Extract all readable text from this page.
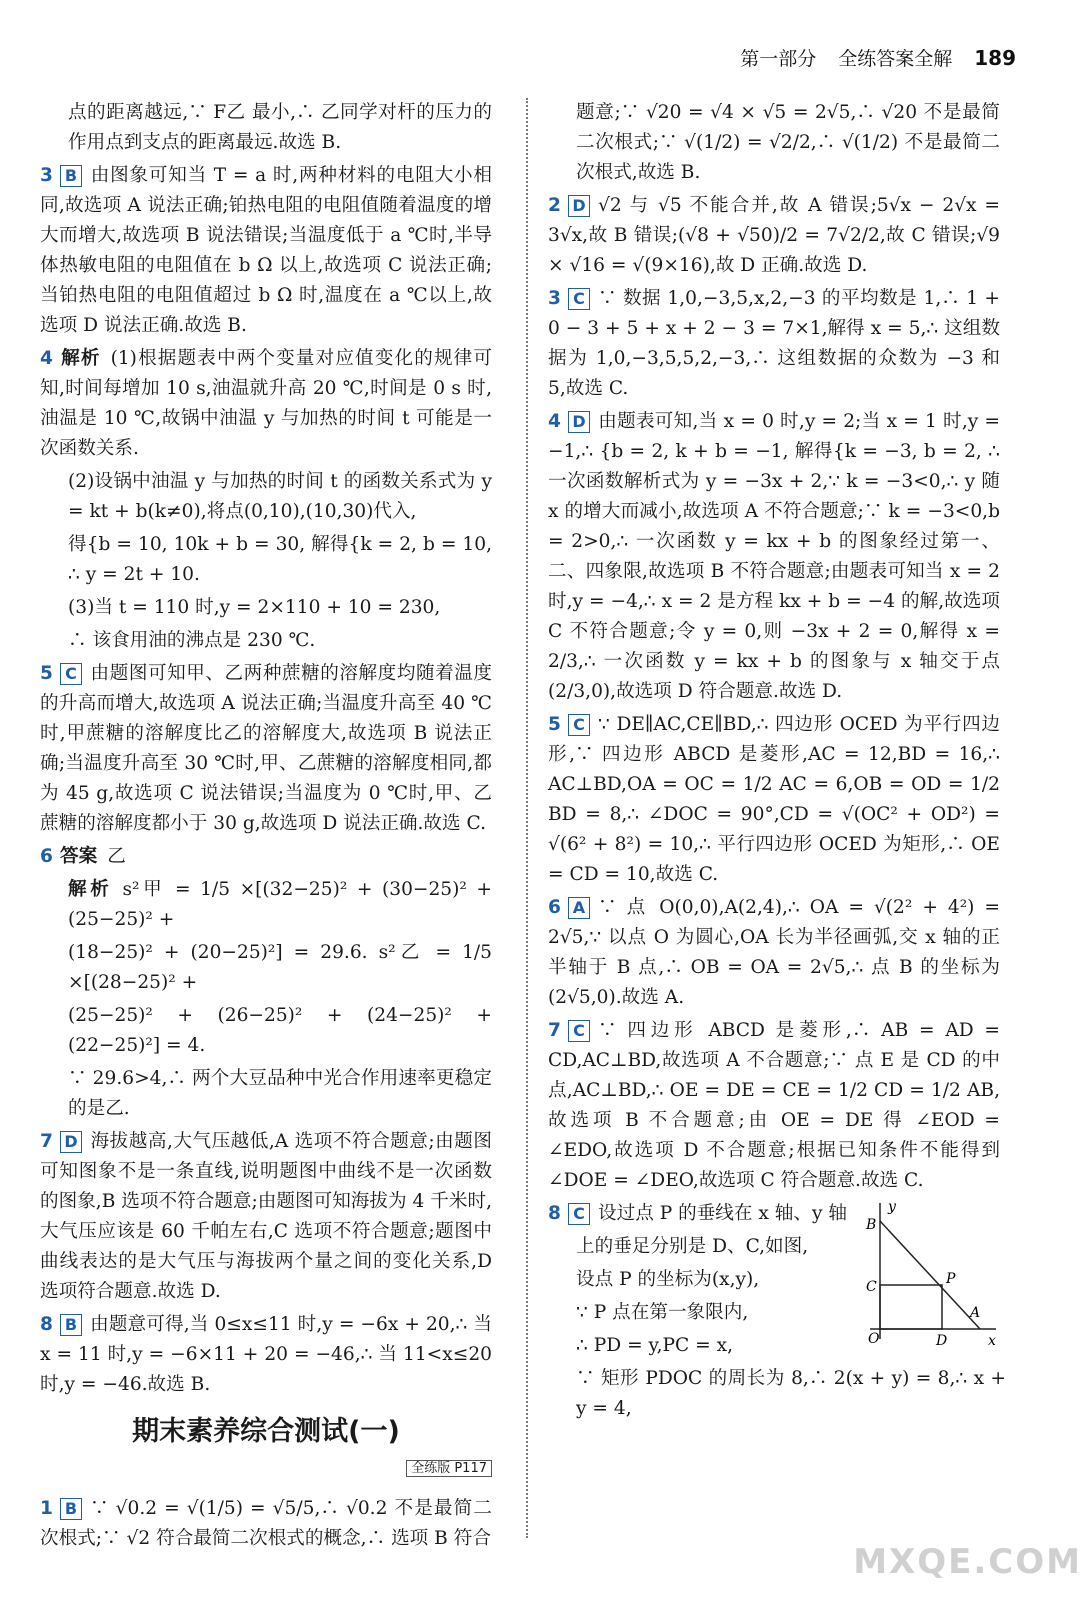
第一部分 全练答案全解 189

点的距离越远,∵ F乙 最小,∴ 乙同学对杆的压力的作用点到支点的距离最远.故选 B.

3 B 由图象可知当 T = a 时,两种材料的电阻大小相同,故选项 A 说法正确;铂热电阻的电阻值随着温度的增大而增大,故选项 B 说法错误;当温度低于 a ℃时,半导体热敏电阻的电阻值在 b Ω 以上,故选项 C 说法正确;当铂热电阻的电阻值超过 b Ω 时,温度在 a ℃以上,故选项 D 说法正确.故选 B.

4 解析 (1)根据题表中两个变量对应值变化的规律可知,时间每增加 10 s,油温就升高 20 ℃,时间是 0 s 时,油温是 10 ℃,故锅中油温 y 与加热的时间 t 可能是一次函数关系.

(2)设锅中油温 y 与加热的时间 t 的函数关系式为 y = kt + b(k≠0),将点(0,10),(10,30)代入,

得{b = 10, 10k + b = 30, 解得{k = 2, b = 10, ∴ y = 2t + 10.

(3)当 t = 110 时,y = 2×110 + 10 = 230,

∴ 该食用油的沸点是 230 ℃.

5 C 由题图可知甲、乙两种蔗糖的溶解度均随着温度的升高而增大,故选项 A 说法正确;当温度升高至 40 ℃时,甲蔗糖的溶解度比乙的溶解度大,故选项 B 说法正确;当温度升高至 30 ℃时,甲、乙蔗糖的溶解度相同,都为 45 g,故选项 C 说法错误;当温度为 0 ℃时,甲、乙蔗糖的溶解度都小于 30 g,故选项 D 说法正确.故选 C.

6 答案 乙

解析 s²甲 = 1/5 ×[(32−25)² + (30−25)² + (25−25)² +

(18−25)² + (20−25)²] = 29.6. s²乙 = 1/5 ×[(28−25)² +

(25−25)² + (26−25)² + (24−25)² + (22−25)²] = 4.

∵ 29.6>4,∴ 两个大豆品种中光合作用速率更稳定的是乙.

7 D 海拔越高,大气压越低,A 选项不符合题意;由题图可知图象不是一条直线,说明题图中曲线不是一次函数的图象,B 选项不符合题意;由题图可知海拔为 4 千米时,大气压应该是 60 千帕左右,C 选项不符合题意;题图中曲线表达的是大气压与海拔两个量之间的变化关系,D 选项符合题意.故选 D.

8 B 由题意可得,当 0≤x≤11 时,y = −6x + 20,∴ 当 x = 11 时,y = −6×11 + 20 = −46,∴ 当 11<x≤20 时,y = −46.故选 B.

期末素养综合测试(一)
全练版 P117

1 B ∵ √0.2 = √(1/5) = √5/5,∴ √0.2 不是最简二次根式;∵ √2 符合最简二次根式的概念,∴ 选项 B 符合

题意;∵ √20 = √4 × √5 = 2√5,∴ √20 不是最简二次根式;∵ √(1/2) = √2/2,∴ √(1/2) 不是最简二次根式,故选 B.

2 D √2 与 √5 不能合并,故 A 错误;5√x − 2√x = 3√x,故 B 错误;(√8 + √50)/2 = 7√2/2,故 C 错误;√9 × √16 = √(9×16),故 D 正确.故选 D.

3 C ∵ 数据 1,0,−3,5,x,2,−3 的平均数是 1,∴ 1 + 0 − 3 + 5 + x + 2 − 3 = 7×1,解得 x = 5,∴ 这组数据为 1,0,−3,5,5,2,−3,∴ 这组数据的众数为 −3 和 5,故选 C.

4 D 由题表可知,当 x = 0 时,y = 2;当 x = 1 时,y = −1,∴ {b = 2, k + b = −1, 解得{k = −3, b = 2, ∴ 一次函数解析式为 y = −3x + 2,∵ k = −3<0,∴ y 随 x 的增大而减小,故选项 A 不符合题意;∵ k = −3<0,b = 2>0,∴ 一次函数 y = kx + b 的图象经过第一、二、四象限,故选项 B 不符合题意;由题表可知当 x = 2 时,y = −4,∴ x = 2 是方程 kx + b = −4 的解,故选项 C 不符合题意;令 y = 0,则 −3x + 2 = 0,解得 x = 2/3,∴ 一次函数 y = kx + b 的图象与 x 轴交于点(2/3,0),故选项 D 符合题意.故选 D.

5 C ∵ DE∥AC,CE∥BD,∴ 四边形 OCED 为平行四边形,∵ 四边形 ABCD 是菱形,AC = 12,BD = 16,∴ AC⊥BD,OA = OC = 1/2 AC = 6,OB = OD = 1/2 BD = 8,∴ ∠DOC = 90°,CD = √(OC² + OD²) = √(6² + 8²) = 10,∴ 平行四边形 OCED 为矩形,∴ OE = CD = 10,故选 C.

6 A ∵ 点 O(0,0),A(2,4),∴ OA = √(2² + 4²) = 2√5,∵ 以点 O 为圆心,OA 长为半径画弧,交 x 轴的正半轴于 B 点,∴ OB = OA = 2√5,∴ 点 B 的坐标为(2√5,0).故选 A.

7 C ∵ 四边形 ABCD 是菱形,∴ AB = AD = CD,AC⊥BD,故选项 A 不合题意;∵ 点 E 是 CD 的中点,AC⊥BD,∴ OE = DE = CE = 1/2 CD = 1/2 AB,故选项 B 不合题意;由 OE = DE 得 ∠EOD = ∠EDO,故选项 D 不合题意;根据已知条件不能得到 ∠DOE = ∠DEO,故选项 C 符合题意.故选 C.

8 C 设过点 P 的垂线在 x 轴、y 轴

上的垂足分别是 D、C,如图,

设点 P 的坐标为(x,y),

∵ P 点在第一象限内,

∴ PD = y,PC = x,

∵ 矩形 PDOC 的周长为 8,∴ 2(x + y) = 8,∴ x + y = 4,

y
x
B
C	P
A
O	D
MXQE.COM
